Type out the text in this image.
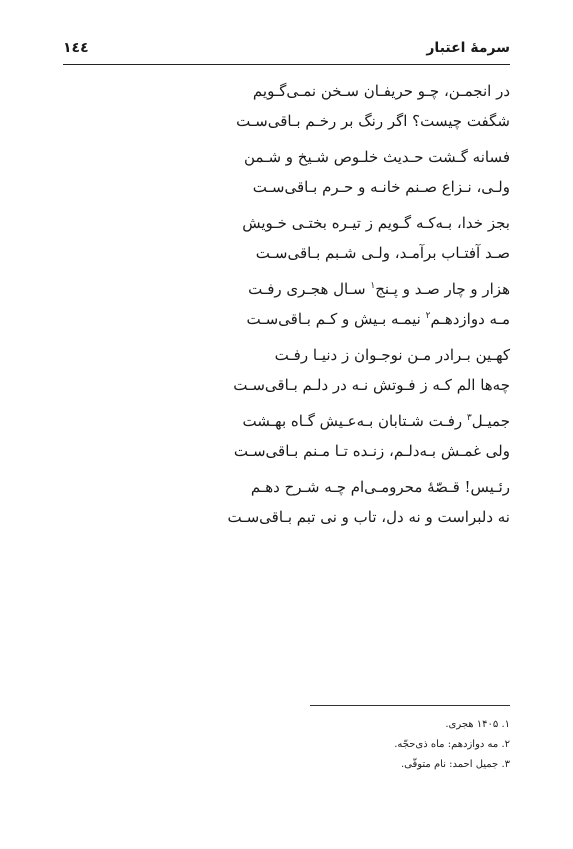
١٤٤	سرمهٔ اعتبار
در انجمـن، چـو حریفـان سـخن نمـی‌گـویم
شگفت چیست؟ اگر رنگ بر رخـم بـاقی‌سـت
فسانه گـشت حـدیث خلـوص شـیخ و شـمن
ولـی، نـزاع صـنم خانـه و حـرم بـاقی‌سـت
بجز خدا، بـه‌کـه گـویم ز تیـره بختـی خـویش
صـد آفتـاب برآمـد، ولـی شـبم بـاقی‌سـت
هزار و چار صـد و پـنج$^۱$ سـال هجـری رفـت
مـه دوازدهـم$^۲$ نیمـه بـیش و کـم بـاقی‌سـت
کهـین بـرادر مـن نوجـوان ز دنیـا رفـت
چه‌ها الم کـه ز فـوتش نـه در دلـم بـاقی‌سـت
جمیـل$^۳$ رفـت شـتابان بـه‌عـیش گـاه بهـشت
ولی غمـش بـه‌دلـم، زنـده تـا مـنم بـاقی‌سـت
رئـیس! قـصّهٔ محرومـی‌ام چـه شـرح دهـم
نه دلبراست و نه دل، تاب و نی تبم بـاقی‌سـت
۱. ۱۴۰۵ هجری.
۲. مه دوازدهم: ماه ذی‌حجّه.
۳. جمیل احمد: نام متوفّی.
